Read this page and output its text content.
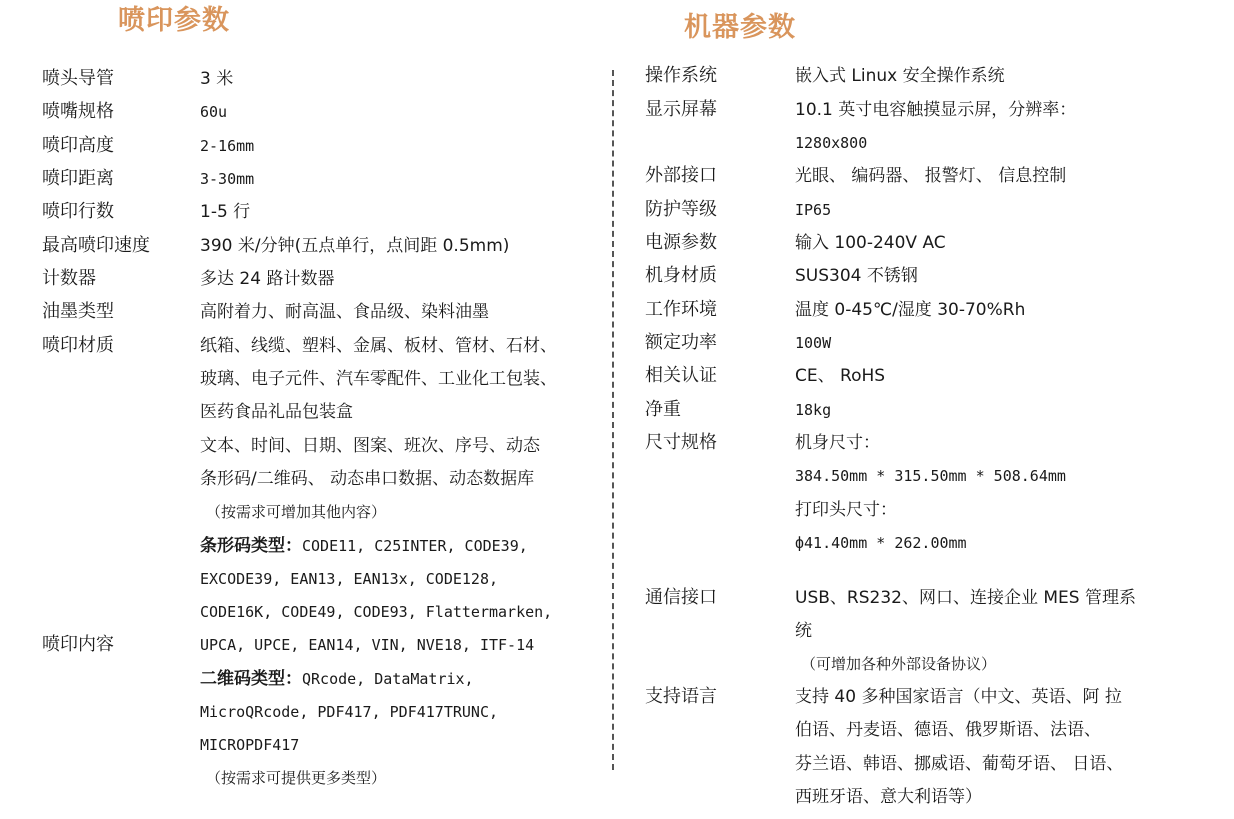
喷印参数	机器参数
喷头导管
喷嘴规格
喷印高度
喷印距离
喷印行数
最高喷印速度
计数器
油墨类型
喷印材质
喷印内容
3 米
60u
2-16mm
3-30mm
1-5 行
390 米/分钟(五点单行，点间距 0.5mm)
多达 24 路计数器
高附着力、耐高温、食品级、染料油墨
纸箱、线缆、塑料、金属、板材、管材、石材、
玻璃、电子元件、汽车零配件、工业化工包装、
医药食品礼品包装盒
文本、时间、日期、图案、班次、序号、动态
条形码/二维码、 动态串口数据、动态数据库
（按需求可增加其他内容）
条形码类型：CODE11, C25INTER, CODE39,
EXCODE39, EAN13, EAN13x, CODE128,
CODE16K, CODE49, CODE93, Flattermarken,
UPCA, UPCE, EAN14, VIN, NVE18, ITF-14
二维码类型：QRcode, DataMatrix,
MicroQRcode, PDF417, PDF417TRUNC,
MICROPDF417
（按需求可提供更多类型）
操作系统
显示屏幕
外部接口
防护等级
电源参数
机身材质
工作环境
额定功率
相关认证
净重
尺寸规格
通信接口
支持语言
嵌入式 Linux 安全操作系统
10.1 英寸电容触摸显示屏，分辨率：
1280x800
光眼、 编码器、 报警灯、 信息控制
IP65
输入 100-240V AC
SUS304 不锈钢
温度 0-45℃/湿度 30-70%Rh
100W
CE、 RoHS
18kg
机身尺寸：
384.50mm * 315.50mm * 508.64mm
打印头尺寸：
ф41.40mm * 262.00mm
USB、RS232、网口、连接企业 MES 管理系
统
（可增加各种外部设备协议）
支持 40 多种国家语言（中文、英语、阿 拉
伯语、丹麦语、德语、俄罗斯语、法语、
芬兰语、韩语、挪威语、葡萄牙语、 日语、
西班牙语、意大利语等）
